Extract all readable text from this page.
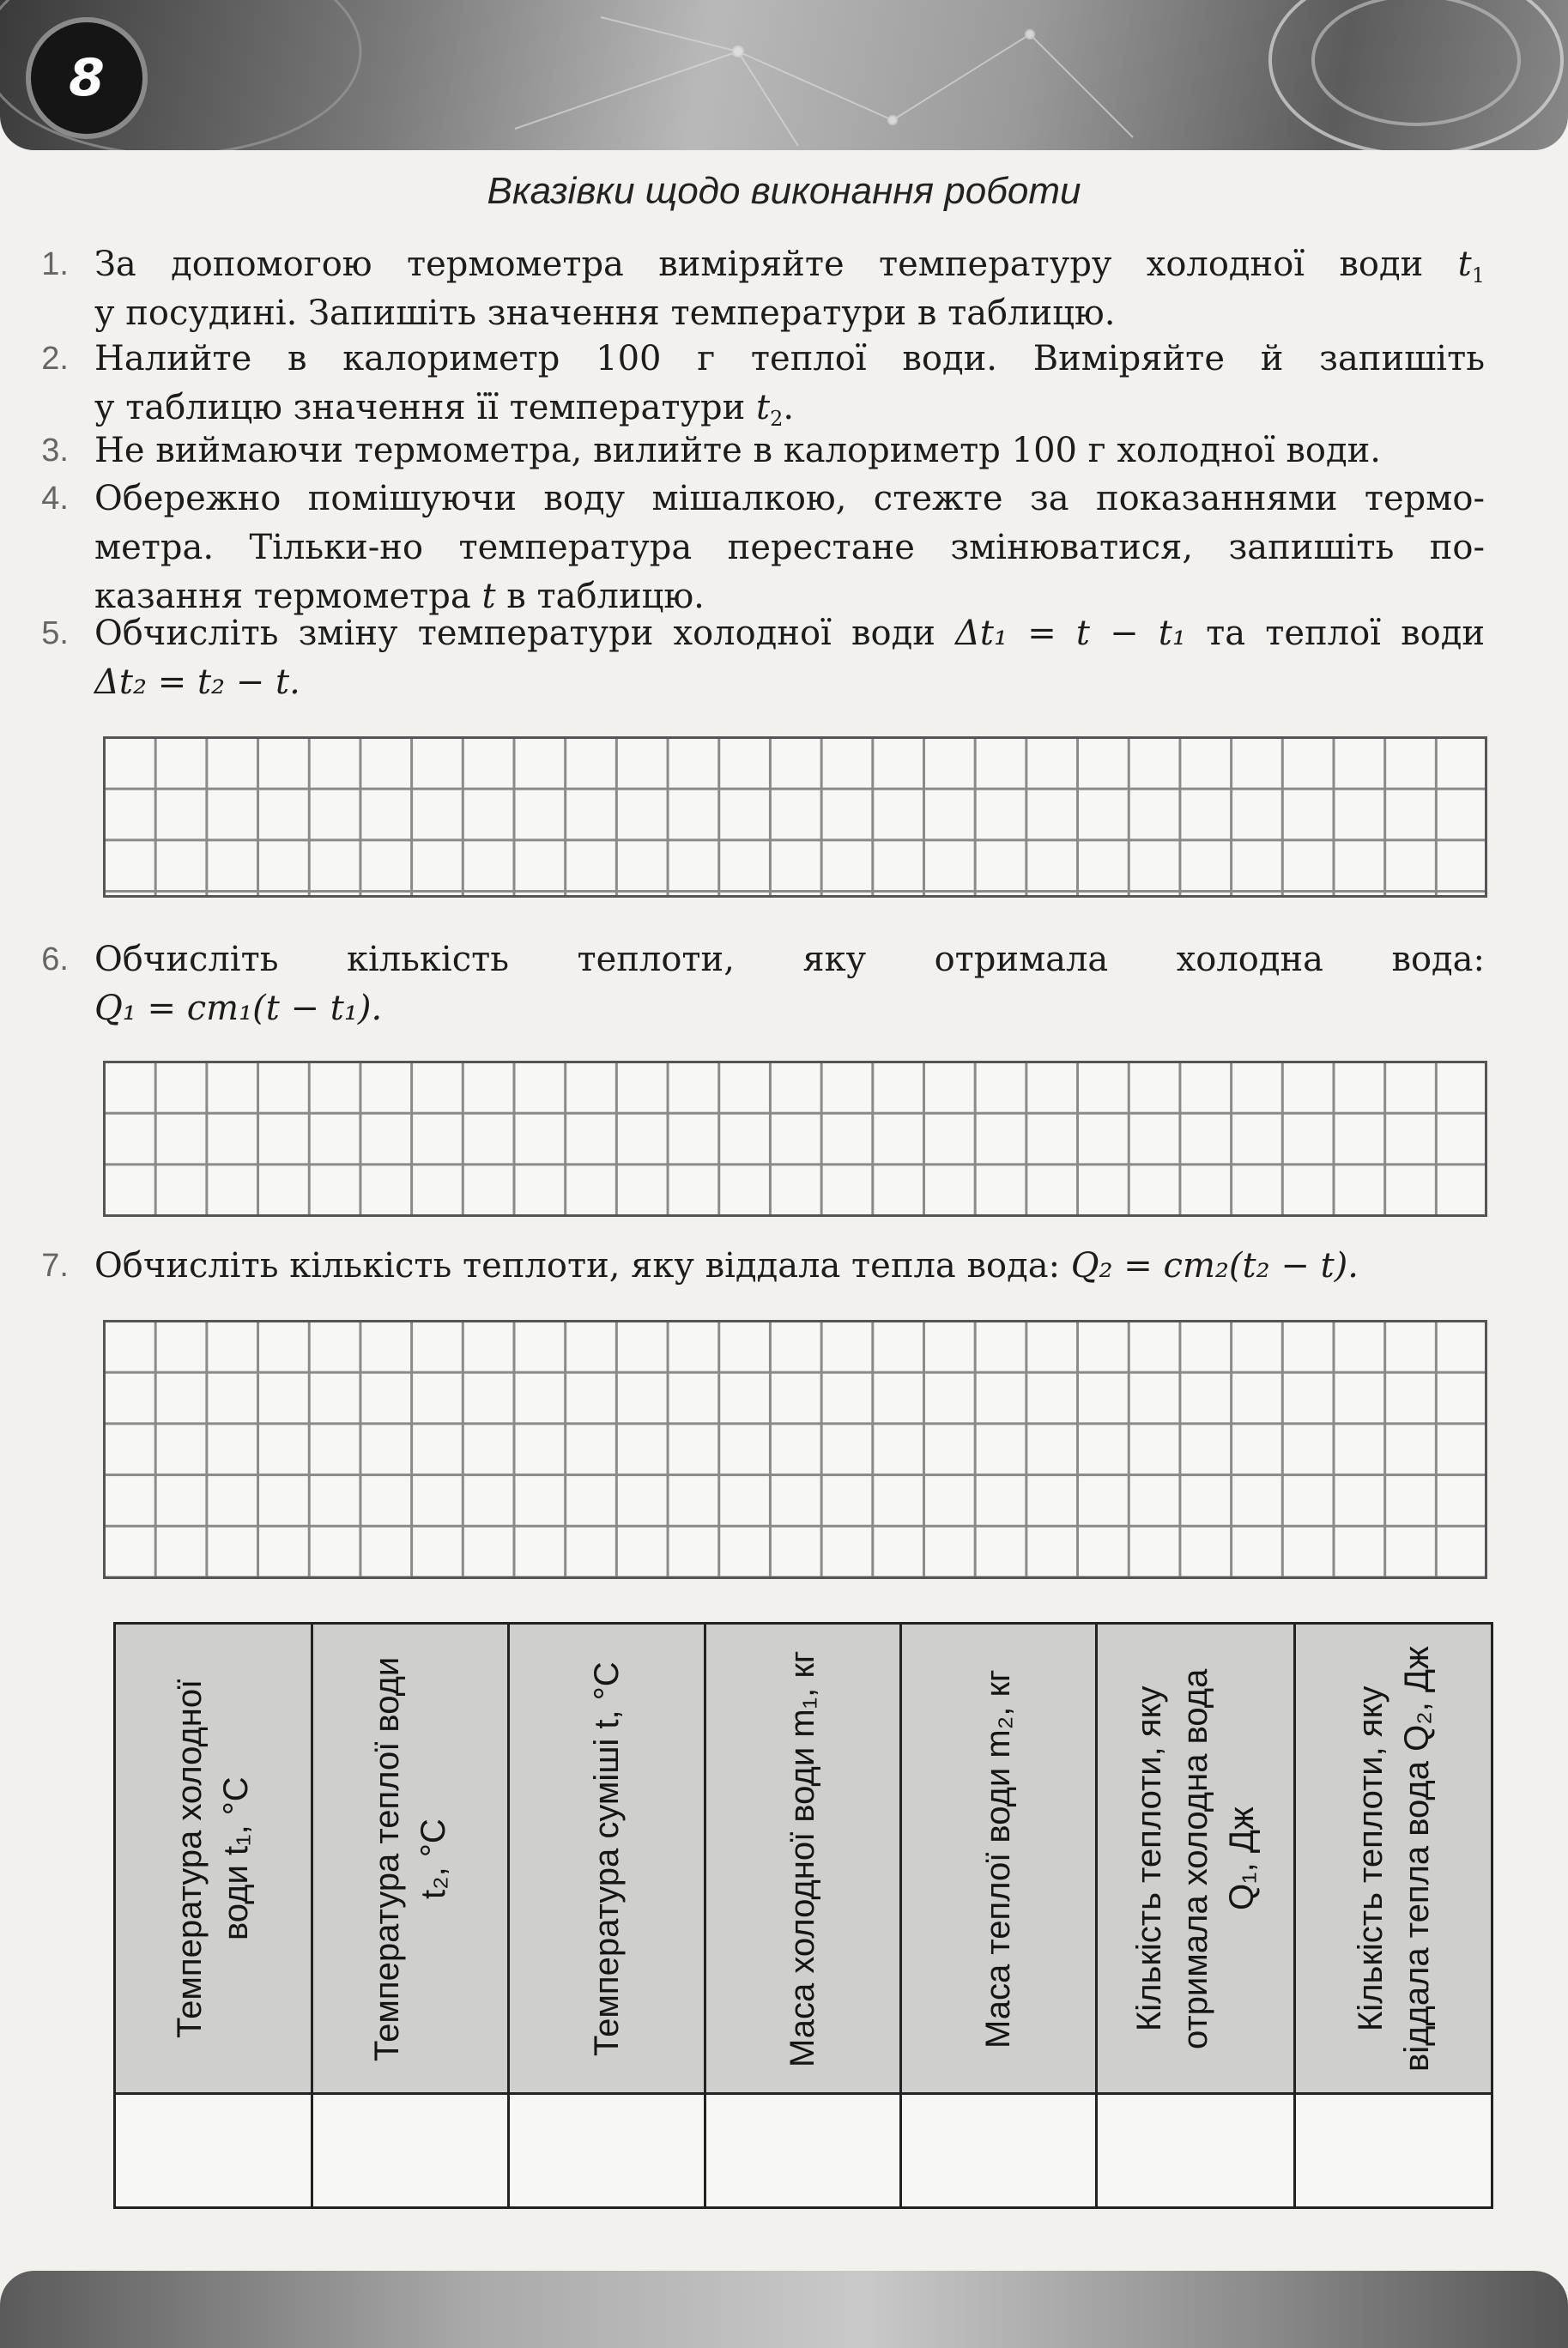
8
Вказівки щодо виконання роботи
1. За допомогою термометра виміряйте температуру холодної води $t_1$
у посудині. Запишіть значення температури в таблицю.
2. Налийте в калориметр 100 г теплої води. Виміряйте й запишіть
у таблицю значення її температури $t_2$.
3. Не виймаючи термометра, вилийте в калориметр 100 г холодної води.
4. Обережно помішуючи воду мішалкою, стежте за показаннями термо-
метра. Тільки-но температура перестане змінюватися, запишіть по-
казання термометра t в таблицю.
5. Обчисліть зміну температури холодної води Δt₁ = t − t₁ та теплої води
Δt₂ = t₂ − t.
6. Обчисліть кількість теплоти, яку отримала холодна вода:
Q₁ = cm₁(t − t₁).
7. Обчисліть кількість теплоти, яку віддала тепла вода: Q₂ = cm₂(t₂ − t).
Температура холодної води t₁, °C	Температура теплої води t₂, °C	Температура суміші t, °C	Маса холодної води m₁, кг	Маса теплої води m₂, кг	Кількість теплоти, яку отримала холодна вода Q₁, Дж	Кількість теплоти, яку віддала тепла вода Q₂, Дж
